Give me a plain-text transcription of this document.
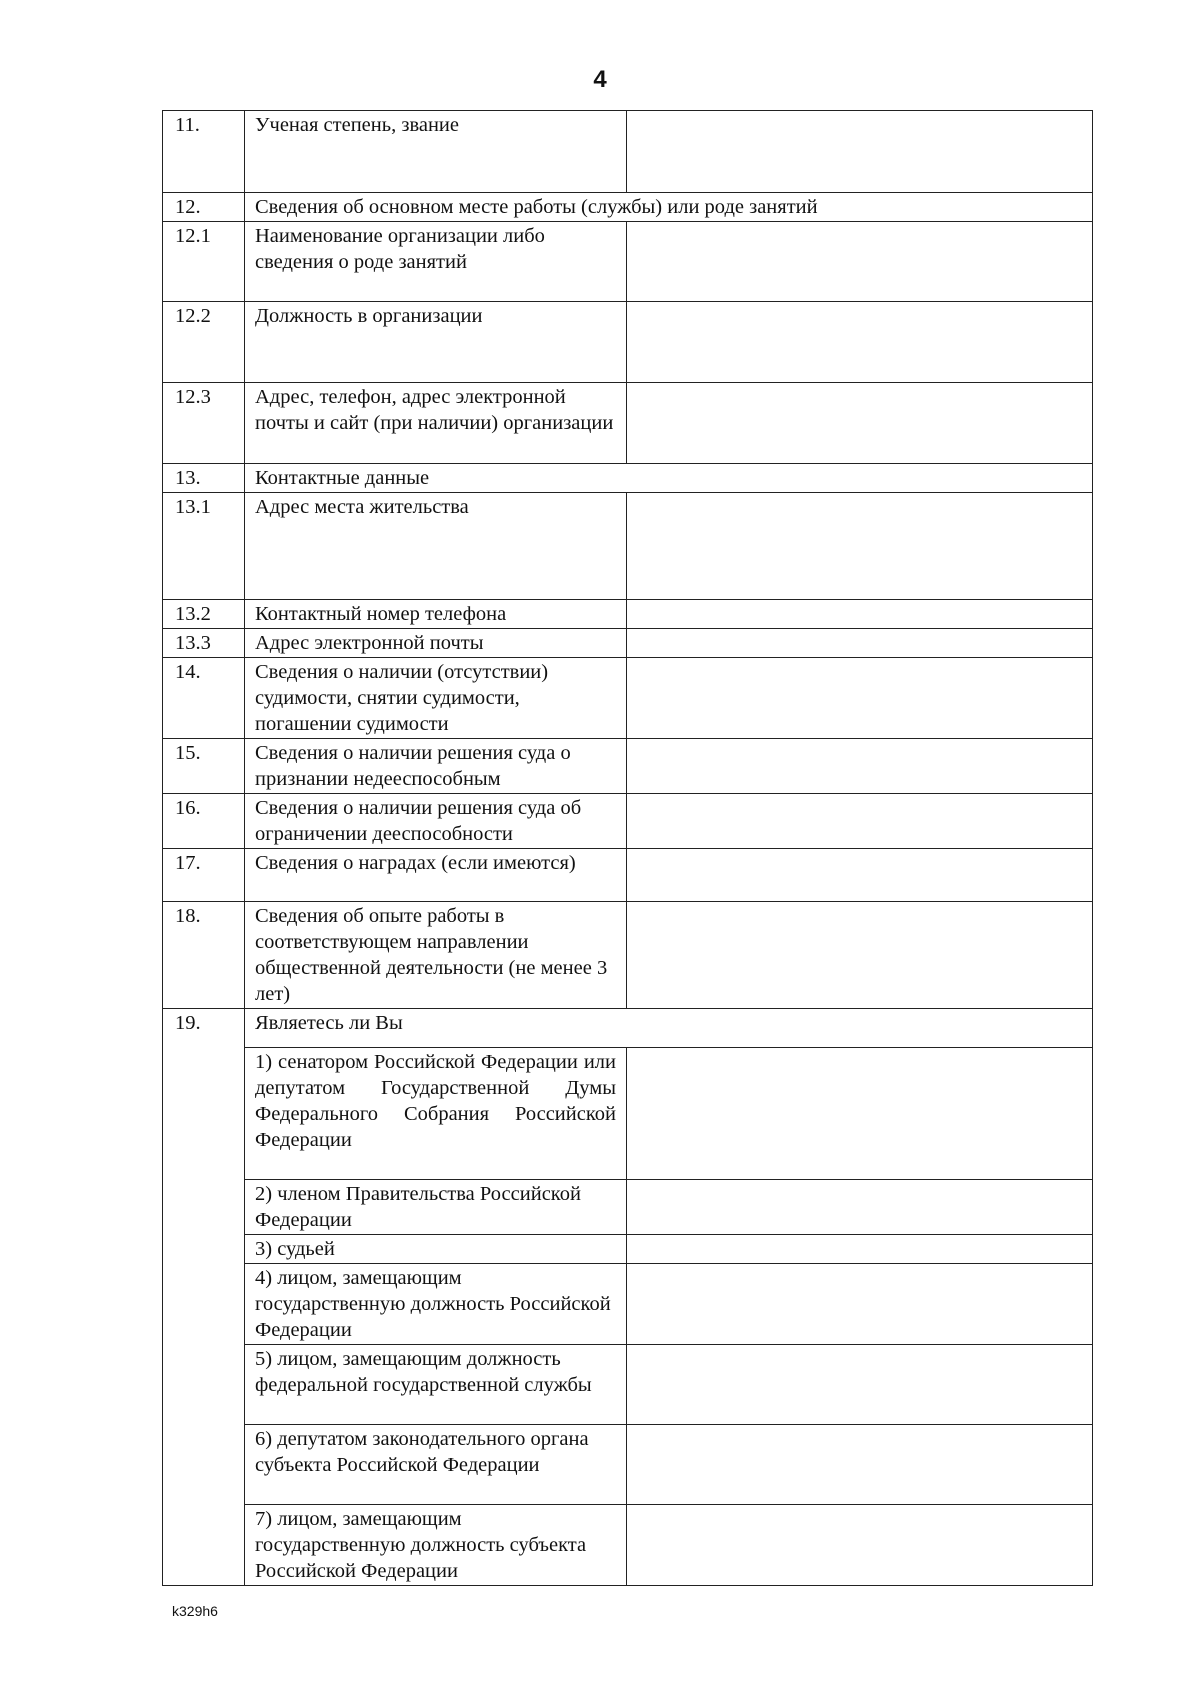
4
11.	Ученая степень, звание	
12.	Сведения об основном месте работы (службы) или роде занятий	
12.1	Наименование организации либо сведения о роде занятий	
12.2	Должность в организации	
12.3	Адрес, телефон, адрес электронной почты и сайт (при наличии) организации	
13.	Контактные данные	
13.1	Адрес места жительства	
13.2	Контактный номер телефона	
13.3	Адрес электронной почты	
14.	Сведения о наличии (отсутствии) судимости, снятии судимости, погашении судимости	
15.	Сведения о наличии решения суда о признании недееспособным	
16.	Сведения о наличии решения суда об ограничении дееспособности	
17.	Сведения о наградах (если имеются)	
18.	Сведения об опыте работы в соответствующем направлении общественной деятельности (не менее 3 лет)	
19.	Являетесь ли Вы	
	1) сенатором Российской Федерации или депутатом Государственной Думы Федерального Собрания Российской Федерации	
	2) членом Правительства Российской Федерации	
	3) судьей	
	4) лицом, замещающим государственную должность Российской Федерации	
	5) лицом, замещающим должность федеральной государственной службы	
	6) депутатом законодательного органа субъекта Российской Федерации	
	7) лицом, замещающим государственную должность субъекта Российской Федерации	
k329h6
